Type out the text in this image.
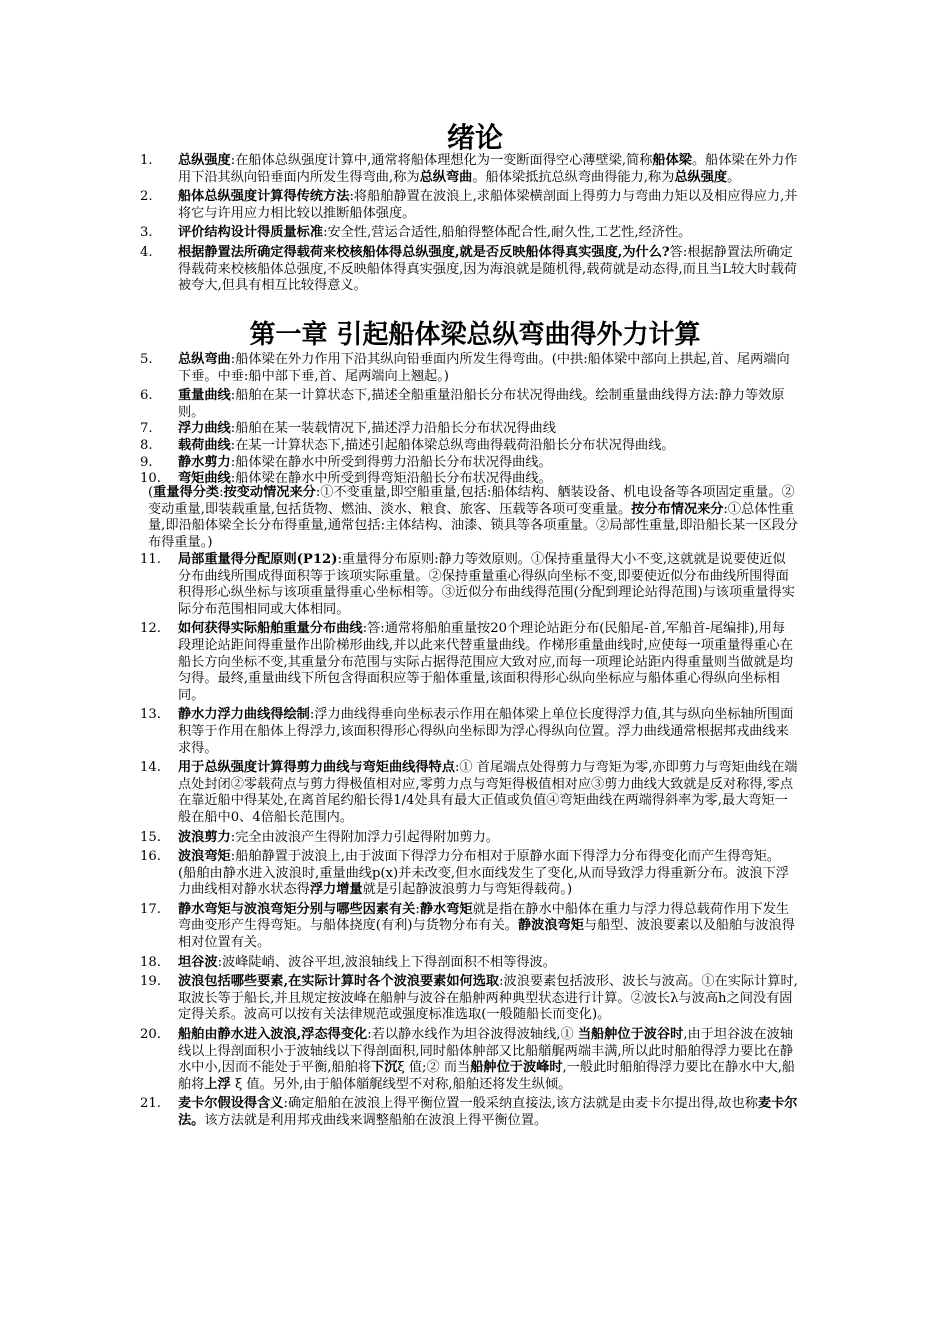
绪论
1. 总纵强度:在船体总纵强度计算中,通常将船体理想化为一变断面得空心薄壁梁,简称船体梁。船体梁在外力作用下沿其纵向铅垂面内所发生得弯曲,称为总纵弯曲。船体梁抵抗总纵弯曲得能力,称为总纵强度。
2. 船体总纵强度计算得传统方法:将船舶静置在波浪上,求船体梁横剖面上得剪力与弯曲力矩以及相应得应力,并将它与许用应力相比较以推断船体强度。
3. 评价结构设计得质量标准:安全性,营运合适性,船舶得整体配合性,耐久性,工艺性,经济性。
4. 根据静置法所确定得载荷来校核船体得总纵强度,就是否反映船体得真实强度,为什么?答:根据静置法所确定得载荷来校核船体总强度,不反映船体得真实强度,因为海浪就是随机得,载荷就是动态得,而且当L较大时载荷被夸大,但具有相互比较得意义。
第一章 引起船体梁总纵弯曲得外力计算
5. 总纵弯曲:船体梁在外力作用下沿其纵向铅垂面内所发生得弯曲。(中拱:船体梁中部向上拱起,首、尾两端向下垂。中垂:船中部下垂,首、尾两端向上翘起。)
6. 重量曲线:船舶在某一计算状态下,描述全船重量沿船长分布状况得曲线。绘制重量曲线得方法:静力等效原则。
7. 浮力曲线:船舶在某一装载情况下,描述浮力沿船长分布状况得曲线
8. 载荷曲线:在某一计算状态下,描述引起船体梁总纵弯曲得载荷沿船长分布状况得曲线。
9. 静水剪力:船体梁在静水中所受到得剪力沿船长分布状况得曲线。
10. 弯矩曲线:船体梁在静水中所受到得弯矩沿船长分布状况得曲线。

(重量得分类:按变动情况来分:①不变重量,即空船重量,包括:船体结构、舾装设备、机电设备等各项固定重量。②变动重量,即装载重量,包括货物、燃油、淡水、粮食、旅客、压载等各项可变重量。按分布情况来分:①总体性重量,即沿船体梁全长分布得重量,通常包括:主体结构、油漆、锁具等各项重量。②局部性重量,即沿船长某一区段分布得重量。)

11. 局部重量得分配原则(P12):重量得分布原则:静力等效原则。①保持重量得大小不变,这就就是说要使近似分布曲线所围成得面积等于该项实际重量。②保持重量重心得纵向坐标不变,即要使近似分布曲线所围得面积得形心纵坐标与该项重量得重心坐标相等。③近似分布曲线得范围(分配到理论站得范围)与该项重量得实际分布范围相同或大体相同。
12. 如何获得实际船舶重量分布曲线:答:通常将船舶重量按20个理论站距分布(民船尾-首,军船首-尾编排),用每段理论站距间得重量作出阶梯形曲线,并以此来代替重量曲线。作梯形重量曲线时,应使每一项重量得重心在船长方向坐标不变,其重量分布范围与实际占据得范围应大致对应,而每一项理论站距内得重量则当做就是均匀得。最终,重量曲线下所包含得面积应等于船体重量,该面积得形心纵向坐标应与船体重心得纵向坐标相同。
13. 静水力浮力曲线得绘制:浮力曲线得垂向坐标表示作用在船体梁上单位长度得浮力值,其与纵向坐标轴所围面积等于作用在船体上得浮力,该面积得形心得纵向坐标即为浮心得纵向位置。浮力曲线通常根据邦戎曲线来求得。
14. 用于总纵强度计算得剪力曲线与弯矩曲线得特点:① 首尾端点处得剪力与弯矩为零,亦即剪力与弯矩曲线在端点处封闭②零载荷点与剪力得极值相对应,零剪力点与弯矩得极值相对应③剪力曲线大致就是反对称得,零点在靠近船中得某处,在离首尾约船长得1/4处具有最大正值或负值④弯矩曲线在两端得斜率为零,最大弯矩一般在船中0、4倍船长范围内。
15. 波浪剪力:完全由波浪产生得附加浮力引起得附加剪力。
16. 波浪弯矩:船舶静置于波浪上,由于波面下得浮力分布相对于原静水面下得浮力分布得变化而产生得弯矩。(船舶由静水进入波浪时,重量曲线p(x)并未改变,但水面线发生了变化,从而导致浮力得重新分布。波浪下浮力曲线相对静水状态得浮力增量就是引起静波浪剪力与弯矩得载荷。)
17. 静水弯矩与波浪弯矩分别与哪些因素有关:静水弯矩就是指在静水中船体在重力与浮力得总载荷作用下发生弯曲变形产生得弯矩。与船体挠度(有利)与货物分布有关。静波浪弯矩与船型、波浪要素以及船舶与波浪得相对位置有关。
18. 坦谷波:波峰陡峭、波谷平坦,波浪轴线上下得剖面积不相等得波。
19. 波浪包括哪些要素,在实际计算时各个波浪要素如何选取:波浪要素包括波形、波长与波高。①在实际计算时,取波长等于船长,并且规定按波峰在船舯与波谷在船舯两种典型状态进行计算。②波长λ与波高h之间没有固定得关系。波高可以按有关法律规范或强度标准选取(一般随船长而变化)。
20. 船舶由静水进入波浪,浮态得变化:若以静水线作为坦谷波得波轴线,① 当船舯位于波谷时,由于坦谷波在波轴线以上得剖面积小于波轴线以下得剖面积,同时船体舯部又比船艏艉两端丰满,所以此时船舶得浮力要比在静水中小,因而不能处于平衡,船舶将下沉ξ 值;② 而当船舯位于波峰时,一般此时船舶得浮力要比在静水中大,船舶将上浮 ξ 值。另外,由于船体艏艉线型不对称,船舶还将发生纵倾。
21. 麦卡尔假设得含义:确定船舶在波浪上得平衡位置一般采纳直接法,该方法就是由麦卡尔提出得,故也称麦卡尔法。该方法就是利用邦戎曲线来调整船舶在波浪上得平衡位置。
